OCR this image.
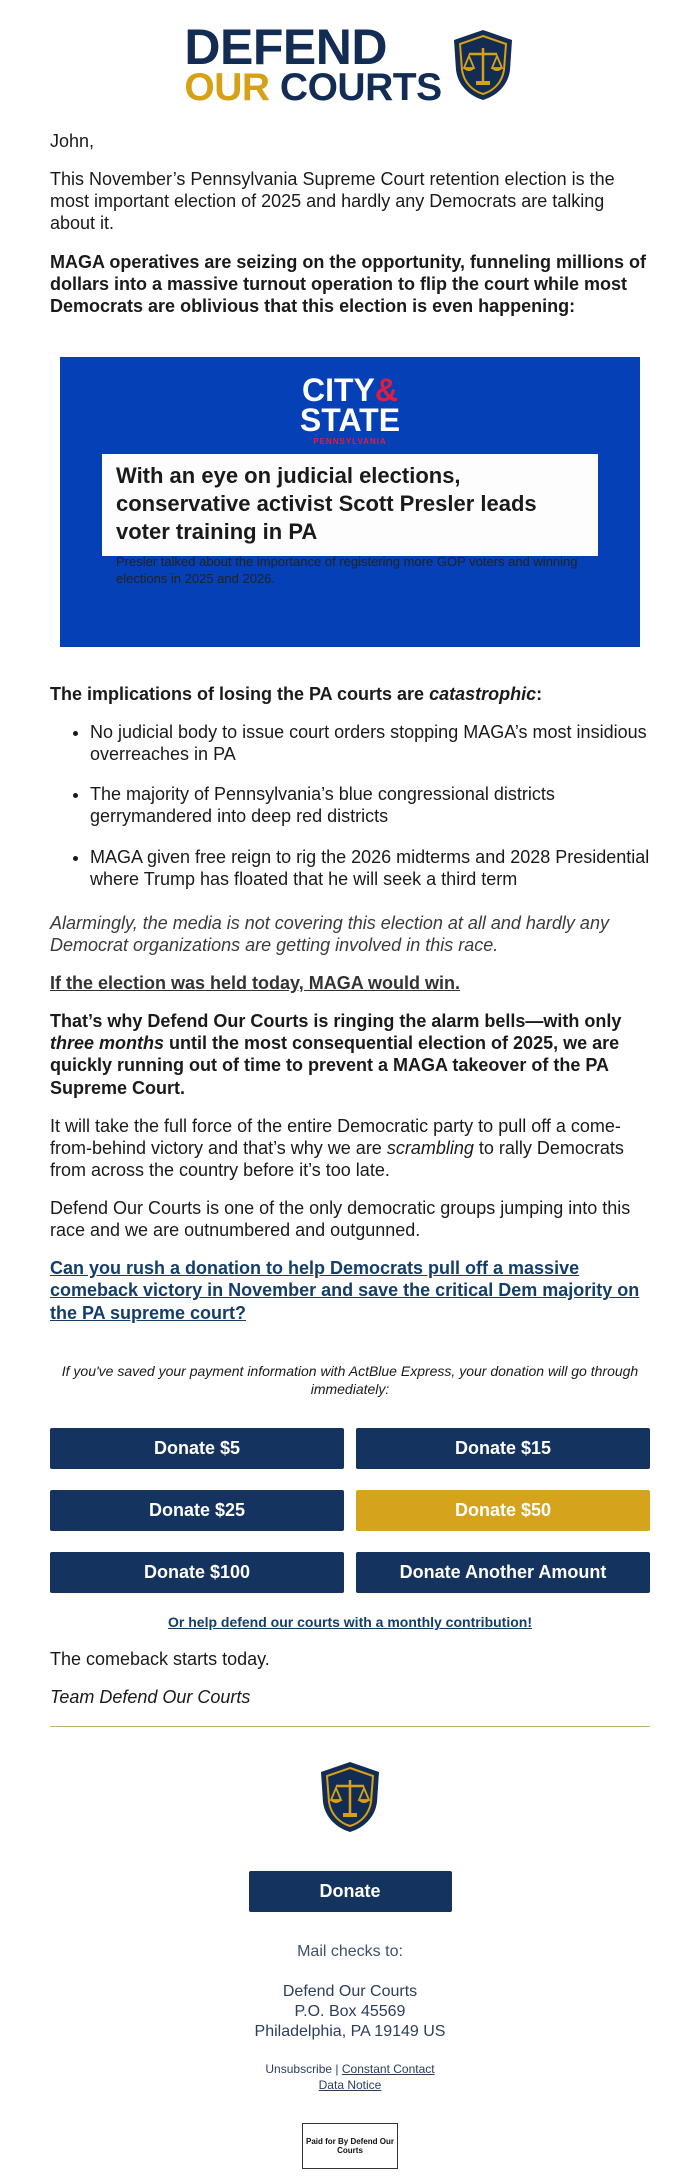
DEFEND
OUR COURTS

John,

This November’s Pennsylvania Supreme Court retention election is the most important election of 2025 and hardly any Democrats are talking about it.

MAGA operatives are seizing on the opportunity, funneling millions of dollars into a massive turnout operation to flip the court while most Democrats are oblivious that this election is even happening:

CITY&
STATE
PENNSYLVANIA
With an eye on judicial elections, conservative activist Scott Presler leads voter training in PA
Presler talked about the importance of registering more GOP voters and winning elections in 2025 and 2026.

The implications of losing the PA courts are catastrophic:

• No judicial body to issue court orders stopping MAGA’s most insidious overreaches in PA
• The majority of Pennsylvania’s blue congressional districts gerrymandered into deep red districts
• MAGA given free reign to rig the 2026 midterms and 2028 Presidential where Trump has floated that he will seek a third term

Alarmingly, the media is not covering this election at all and hardly any Democrat organizations are getting involved in this race.

If the election was held today, MAGA would win.

That’s why Defend Our Courts is ringing the alarm bells—with only three months until the most consequential election of 2025, we are quickly running out of time to prevent a MAGA takeover of the PA Supreme Court.

It will take the full force of the entire Democratic party to pull off a come-from-behind victory and that’s why we are scrambling to rally Democrats from across the country before it’s too late.

Defend Our Courts is one of the only democratic groups jumping into this race and we are outnumbered and outgunned.

Can you rush a donation to help Democrats pull off a massive comeback victory in November and save the critical Dem majority on the PA supreme court?

If you've saved your payment information with ActBlue Express, your donation will go through immediately:
Donate $5	Donate $15
Donate $25	Donate $50
Donate $100	Donate Another Amount
Or help defend our courts with a monthly contribution!

The comeback starts today.

Team Defend Our Courts

Donate
Mail checks to:
Defend Our Courts
P.O. Box 45569
Philadelphia, PA 19149 US
Unsubscribe | Constant Contact
Data Notice
Paid for By Defend Our Courts
